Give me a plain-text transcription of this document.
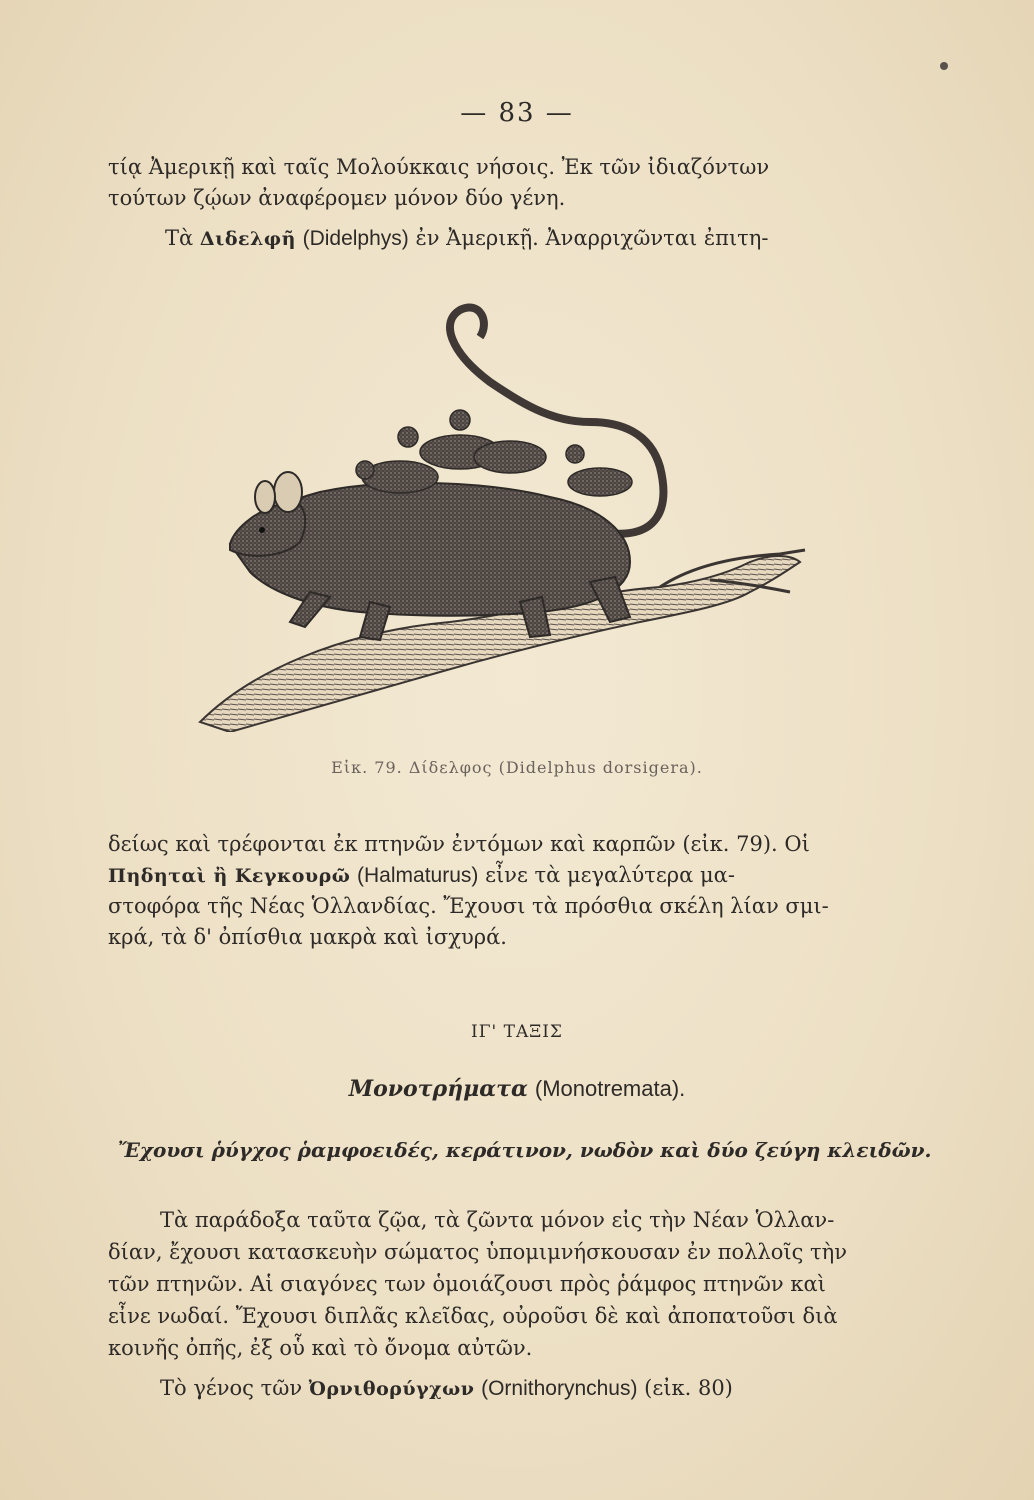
— 83 —
τίᾳ Ἀμερικῇ καὶ ταῖς Μολούκκαις νήσοις. Ἐκ τῶν ἰδιαζόντων
τούτων ζῴων ἀναφέρομεν μόνον δύο γένη.
Τὰ Διδελφῆ (Didelphys) ἐν Ἀμερικῇ. Ἀναρριχῶνται ἐπιτη-
Εἰκ. 79. Δίδελφος (Didelphus dorsigera).
δείως καὶ τρέφονται ἐκ πτηνῶν ἐντόμων καὶ καρπῶν (εἰκ. 79). Οἱ
Πηδηταὶ ἢ Κεγκουρῶ (Halmaturus) εἶνε τὰ μεγαλύτερα μα-
στοφόρα τῆς Νέας Ὁλλανδίας. Ἔχουσι τὰ πρόσθια σκέλη λίαν σμι-
κρά, τὰ δ' ὀπίσθια μακρὰ καὶ ἰσχυρά.
ΙΓ' ΤΑΞΙΣ
Μονοτρήματα (Monotremata).
Ἔχουσι ῥύγχος ῥαμφοειδές, κεράτινον, νωδὸν καὶ δύο ζεύγη κλειδῶν.
Τὰ παράδοξα ταῦτα ζῷα, τὰ ζῶντα μόνον εἰς τὴν Νέαν Ὁλλαν-
δίαν, ἔχουσι κατασκευὴν σώματος ὑπομιμνήσκουσαν ἐν πολλοῖς τὴν
τῶν πτηνῶν. Αἱ σιαγόνες των ὁμοιάζουσι πρὸς ῥάμφος πτηνῶν καὶ
εἶνε νωδαί. Ἔχουσι διπλᾶς κλεῖδας, οὐροῦσι δὲ καὶ ἀποπατοῦσι διὰ
κοινῆς ὀπῆς, ἐξ οὗ καὶ τὸ ὄνομα αὐτῶν.
Τὸ γένος τῶν Ὀρνιθορύγχων (Ornithorynchus) (εἰκ. 80)
